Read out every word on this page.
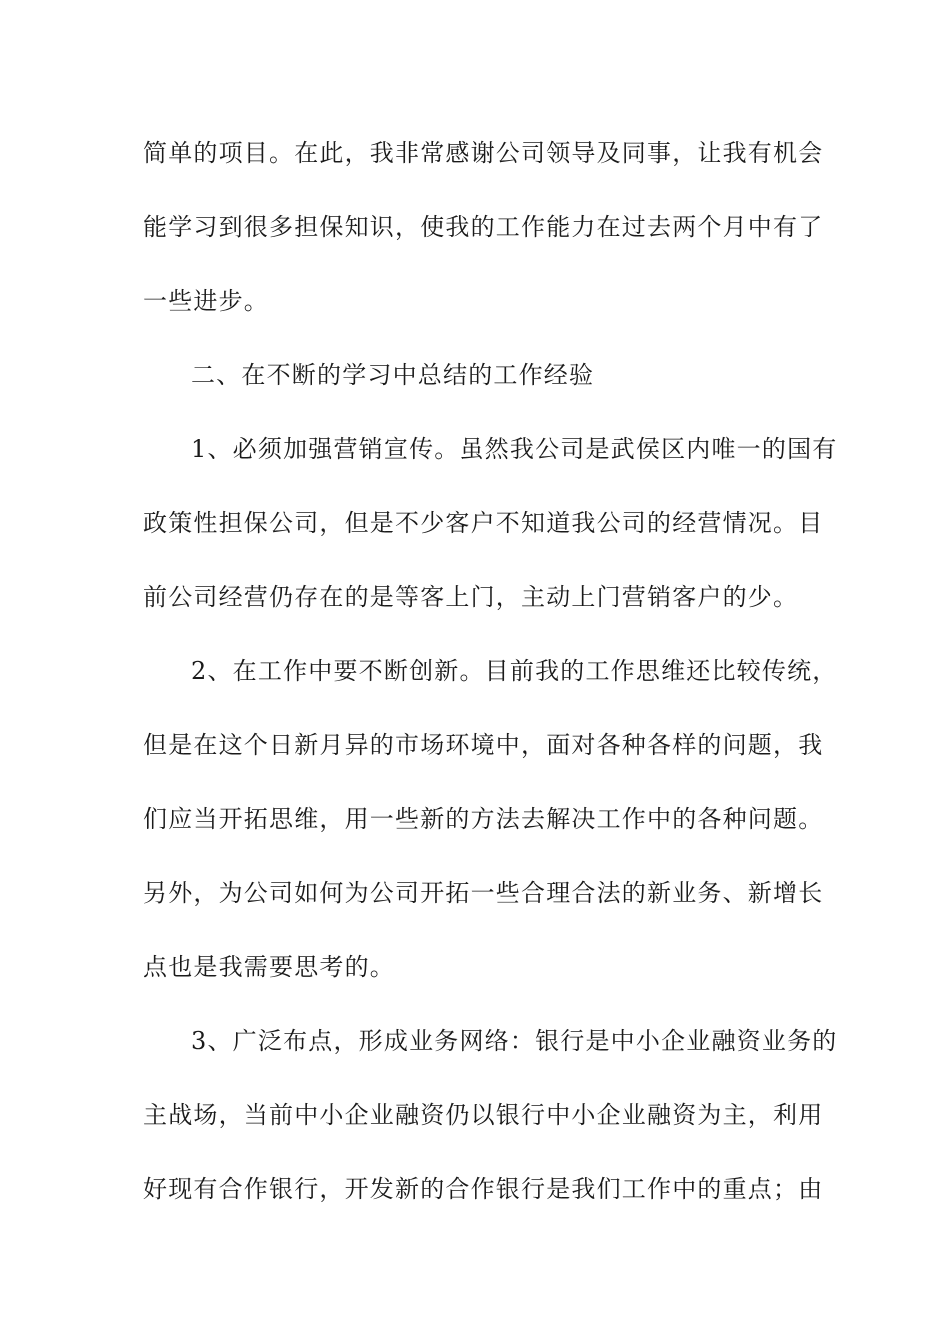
简单的项目。在此，我非常感谢公司领导及同事，让我有机会
能学习到很多担保知识，使我的工作能力在过去两个月中有了
一些进步。
二、在不断的学习中总结的工作经验
1、必须加强营销宣传。虽然我公司是武侯区内唯一的国有
政策性担保公司，但是不少客户不知道我公司的经营情况。目
前公司经营仍存在的是等客上门，主动上门营销客户的少。
2、在工作中要不断创新。目前我的工作思维还比较传统，
但是在这个日新月异的市场环境中，面对各种各样的问题，我
们应当开拓思维，用一些新的方法去解决工作中的各种问题。
另外，为公司如何为公司开拓一些合理合法的新业务、新增长
点也是我需要思考的。
3、广泛布点，形成业务网络：银行是中小企业融资业务的
主战场，当前中小企业融资仍以银行中小企业融资为主，利用
好现有合作银行，开发新的合作银行是我们工作中的重点；由
